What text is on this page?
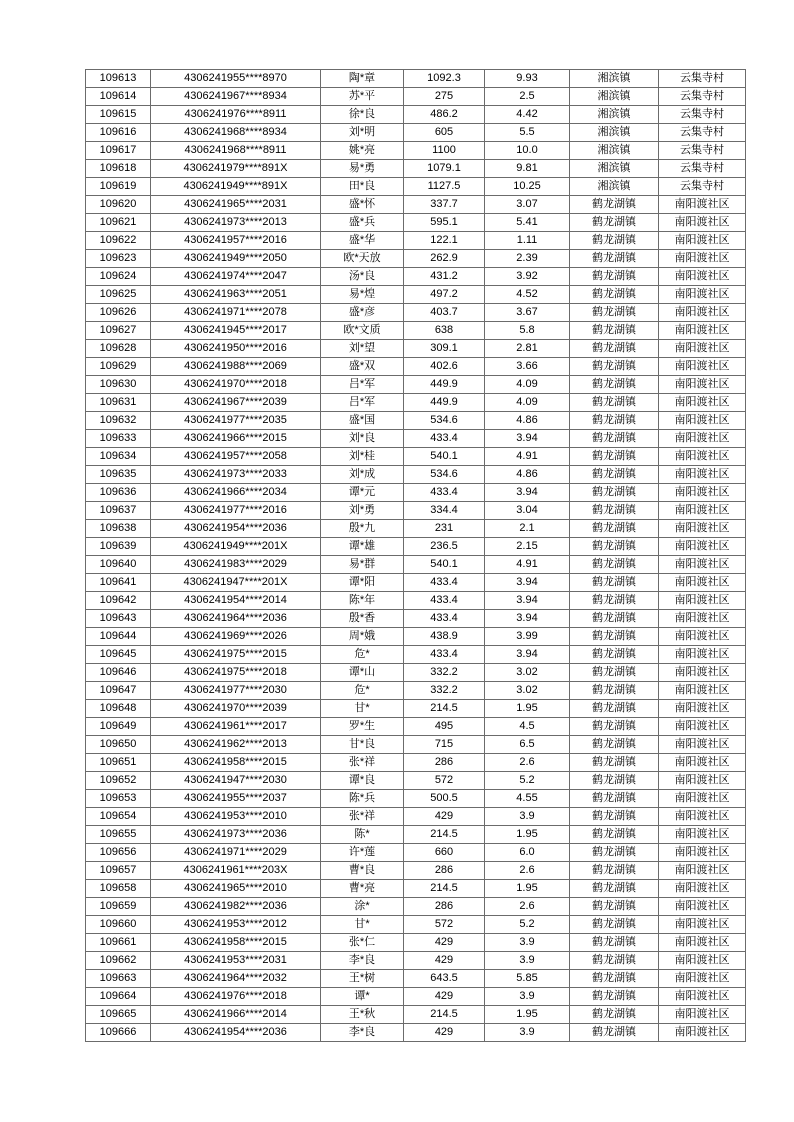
109613	4306241955****8970	陶*章	1092.3	9.93	湘滨镇	云集寺村
109614	4306241967****8934	苏*平	275	2.5	湘滨镇	云集寺村
109615	4306241976****8911	徐*良	486.2	4.42	湘滨镇	云集寺村
109616	4306241968****8934	刘*明	605	5.5	湘滨镇	云集寺村
109617	4306241968****8911	姚*亮	1100	10.0	湘滨镇	云集寺村
109618	4306241979****891X	易*勇	1079.1	9.81	湘滨镇	云集寺村
109619	4306241949****891X	田*良	1127.5	10.25	湘滨镇	云集寺村
109620	4306241965****2031	盛*怀	337.7	3.07	鹤龙湖镇	南阳渡社区
109621	4306241973****2013	盛*兵	595.1	5.41	鹤龙湖镇	南阳渡社区
109622	4306241957****2016	盛*华	122.1	1.11	鹤龙湖镇	南阳渡社区
109623	4306241949****2050	欧*天放	262.9	2.39	鹤龙湖镇	南阳渡社区
109624	4306241974****2047	汤*良	431.2	3.92	鹤龙湖镇	南阳渡社区
109625	4306241963****2051	易*煌	497.2	4.52	鹤龙湖镇	南阳渡社区
109626	4306241971****2078	盛*彦	403.7	3.67	鹤龙湖镇	南阳渡社区
109627	4306241945****2017	欧*文质	638	5.8	鹤龙湖镇	南阳渡社区
109628	4306241950****2016	刘*望	309.1	2.81	鹤龙湖镇	南阳渡社区
109629	4306241988****2069	盛*双	402.6	3.66	鹤龙湖镇	南阳渡社区
109630	4306241970****2018	吕*军	449.9	4.09	鹤龙湖镇	南阳渡社区
109631	4306241967****2039	吕*军	449.9	4.09	鹤龙湖镇	南阳渡社区
109632	4306241977****2035	盛*国	534.6	4.86	鹤龙湖镇	南阳渡社区
109633	4306241966****2015	刘*良	433.4	3.94	鹤龙湖镇	南阳渡社区
109634	4306241957****2058	刘*桂	540.1	4.91	鹤龙湖镇	南阳渡社区
109635	4306241973****2033	刘*成	534.6	4.86	鹤龙湖镇	南阳渡社区
109636	4306241966****2034	谭*元	433.4	3.94	鹤龙湖镇	南阳渡社区
109637	4306241977****2016	刘*勇	334.4	3.04	鹤龙湖镇	南阳渡社区
109638	4306241954****2036	殷*九	231	2.1	鹤龙湖镇	南阳渡社区
109639	4306241949****201X	谭*雄	236.5	2.15	鹤龙湖镇	南阳渡社区
109640	4306241983****2029	易*群	540.1	4.91	鹤龙湖镇	南阳渡社区
109641	4306241947****201X	谭*阳	433.4	3.94	鹤龙湖镇	南阳渡社区
109642	4306241954****2014	陈*年	433.4	3.94	鹤龙湖镇	南阳渡社区
109643	4306241964****2036	殷*香	433.4	3.94	鹤龙湖镇	南阳渡社区
109644	4306241969****2026	周*娥	438.9	3.99	鹤龙湖镇	南阳渡社区
109645	4306241975****2015	危*	433.4	3.94	鹤龙湖镇	南阳渡社区
109646	4306241975****2018	谭*山	332.2	3.02	鹤龙湖镇	南阳渡社区
109647	4306241977****2030	危*	332.2	3.02	鹤龙湖镇	南阳渡社区
109648	4306241970****2039	甘*	214.5	1.95	鹤龙湖镇	南阳渡社区
109649	4306241961****2017	罗*生	495	4.5	鹤龙湖镇	南阳渡社区
109650	4306241962****2013	甘*良	715	6.5	鹤龙湖镇	南阳渡社区
109651	4306241958****2015	张*祥	286	2.6	鹤龙湖镇	南阳渡社区
109652	4306241947****2030	谭*良	572	5.2	鹤龙湖镇	南阳渡社区
109653	4306241955****2037	陈*兵	500.5	4.55	鹤龙湖镇	南阳渡社区
109654	4306241953****2010	张*祥	429	3.9	鹤龙湖镇	南阳渡社区
109655	4306241973****2036	陈*	214.5	1.95	鹤龙湖镇	南阳渡社区
109656	4306241971****2029	许*莲	660	6.0	鹤龙湖镇	南阳渡社区
109657	4306241961****203X	曹*良	286	2.6	鹤龙湖镇	南阳渡社区
109658	4306241965****2010	曹*亮	214.5	1.95	鹤龙湖镇	南阳渡社区
109659	4306241982****2036	涂*	286	2.6	鹤龙湖镇	南阳渡社区
109660	4306241953****2012	甘*	572	5.2	鹤龙湖镇	南阳渡社区
109661	4306241958****2015	张*仁	429	3.9	鹤龙湖镇	南阳渡社区
109662	4306241953****2031	李*良	429	3.9	鹤龙湖镇	南阳渡社区
109663	4306241964****2032	王*树	643.5	5.85	鹤龙湖镇	南阳渡社区
109664	4306241976****2018	谭*	429	3.9	鹤龙湖镇	南阳渡社区
109665	4306241966****2014	王*秋	214.5	1.95	鹤龙湖镇	南阳渡社区
109666	4306241954****2036	李*良	429	3.9	鹤龙湖镇	南阳渡社区
